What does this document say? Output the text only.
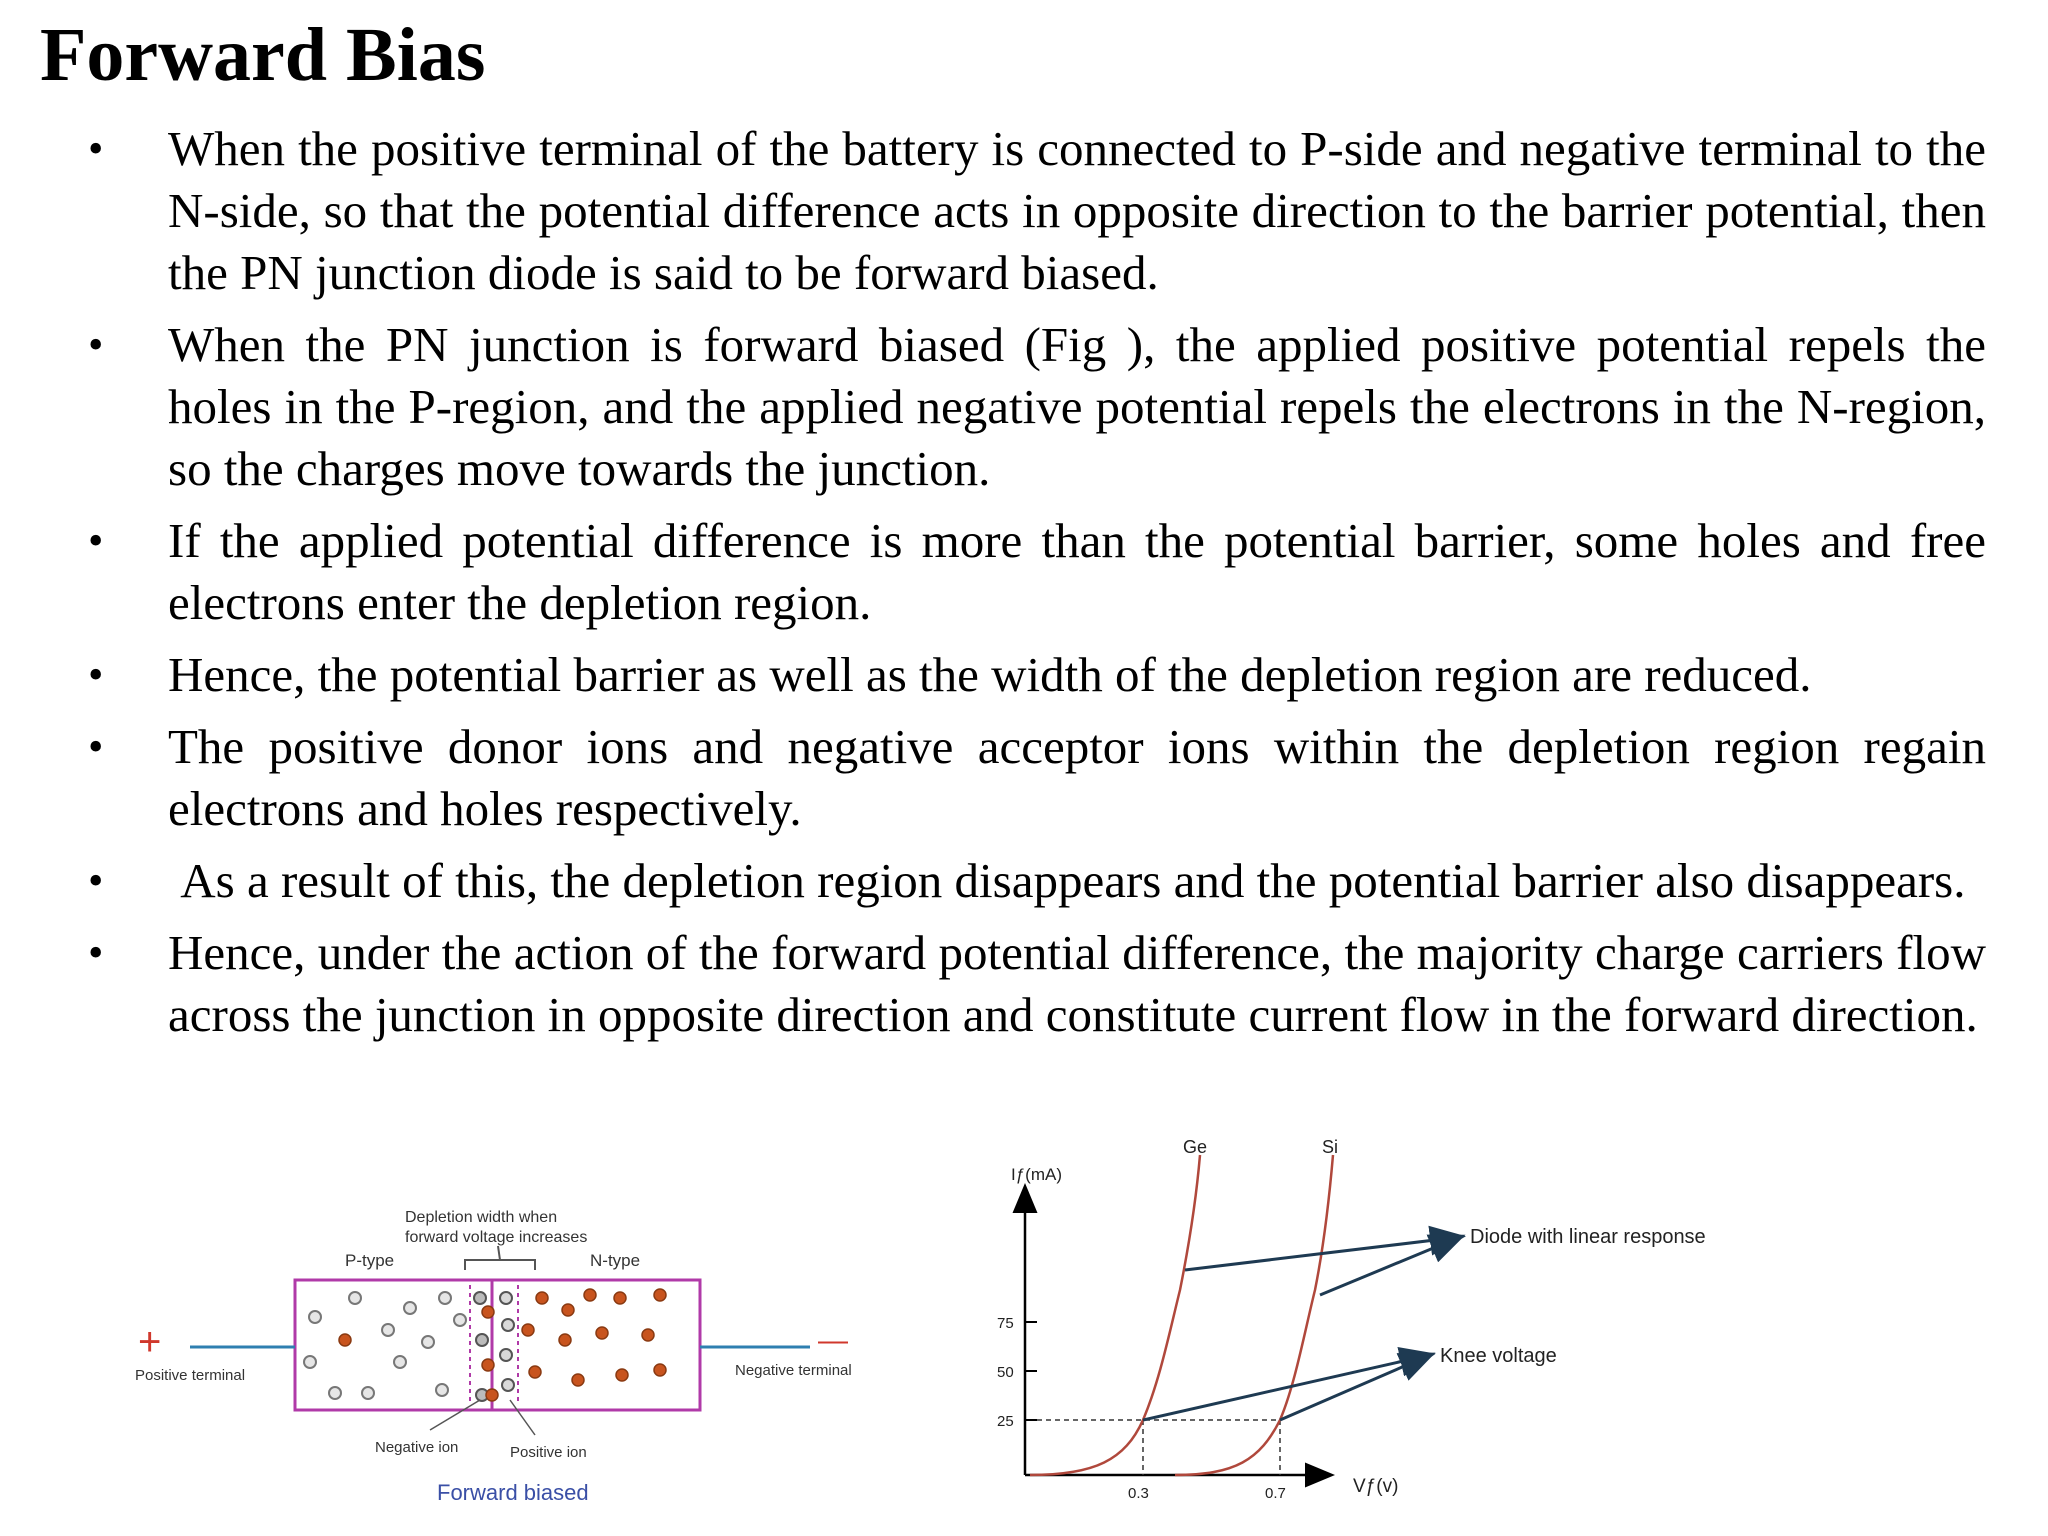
Forward Bias
• When the positive terminal of the battery is connected to P-side and negative terminal to the N-side, so that the potential difference acts in opposite direction to the barrier potential, then the PN junction diode is said to be forward biased.
• When the PN junction is forward biased (Fig ), the applied positive potential repels the holes in the P-region, and the applied negative potential repels the electrons in the N-region, so the charges move towards the junction.
• If the applied potential difference is more than the potential barrier, some holes and free electrons enter the depletion region.
• Hence, the potential barrier as well as the width of the depletion region are reduced.
• The positive donor ions and negative acceptor ions within the depletion region regain electrons and holes respectively.
• As a result of this, the depletion region disappears and the potential barrier also disappears.
• Hence, under the action of the forward potential difference, the majority charge carriers flow across the junction in opposite direction and constitute current flow in the forward direction.
Depletion width when
forward voltage increases
P-type	N-type
+	—
Positive terminal	Negative terminal
Negative ion	Positive ion
Forward biased
Iƒ(mA)
Vƒ(v)
75
50
25
0.3	0.7
Ge	Si
Diode with linear response
Knee voltage
